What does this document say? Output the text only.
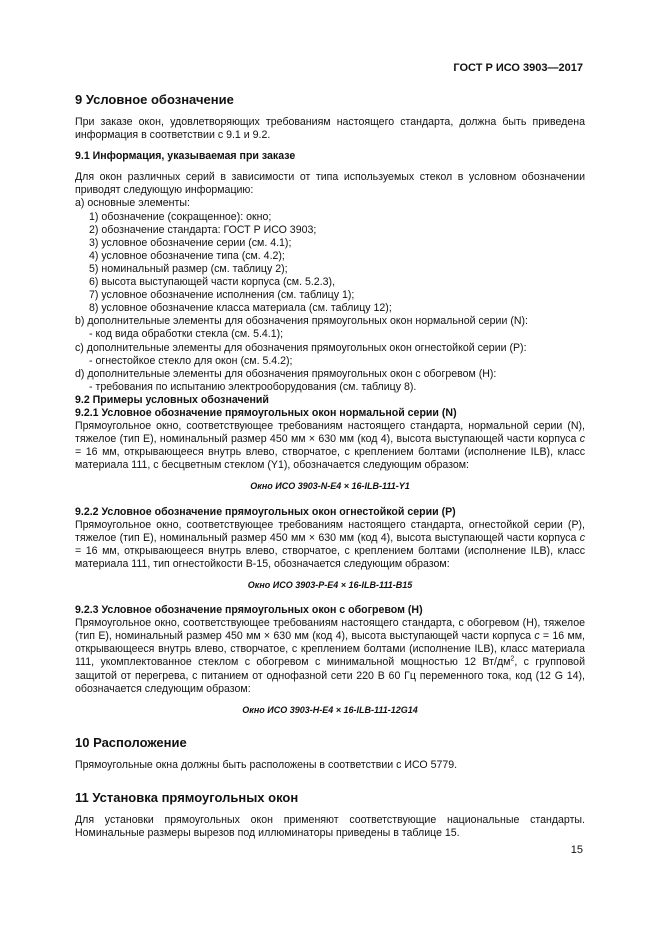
ГОСТ Р ИСО 3903—2017
9 Условное обозначение

При заказе окон, удовлетворяющих требованиям настоящего стандарта, должна быть приведена информация в соответствии с 9.1 и 9.2.

9.1 Информация, указываемая при заказе

Для окон различных серий в зависимости от типа используемых стекол в условном обозначении приводят следующую информацию:

a) основные элементы:
1) обозначение (сокращенное): окно;
2) обозначение стандарта: ГОСТ Р ИСО 3903;
3) условное обозначение серии (см. 4.1);
4) условное обозначение типа (см. 4.2);
5) номинальный размер (см. таблицу 2);
6) высота выступающей части корпуса (см. 5.2.3),
7) условное обозначение исполнения (см. таблицу 1);
8) условное обозначение класса материала (см. таблицу 12);
b) дополнительные элементы для обозначения прямоугольных окон нормальной серии (N):
- код вида обработки стекла (см. 5.4.1);
c) дополнительные элементы для обозначения прямоугольных окон огнестойкой серии (P):
- огнестойкое стекло для окон (см. 5.4.2);
d) дополнительные элементы для обозначения прямоугольных окон с обогревом (H):
- требования по испытанию электрооборудования (см. таблицу 8).
9.2 Примеры условных обозначений
9.2.1 Условное обозначение прямоугольных окон нормальной серии (N)

Прямоугольное окно, соответствующее требованиям настоящего стандарта, нормальной серии (N), тяжелое (тип Е), номинальный размер 450 мм × 630 мм (код 4), высота выступающей части корпуса c = 16 мм, открывающееся внутрь влево, створчатое, с креплением болтами (исполнение ILB), класс материала 111, с бесцветным стеклом (Y1), обозначается следующим образом:

Окно ИСО 3903-N-E4 × 16-ILB-111-Y1
9.2.2 Условное обозначение прямоугольных окон огнестойкой серии (P)

Прямоугольное окно, соответствующее требованиям настоящего стандарта, огнестойкой серии (P), тяжелое (тип E), номинальный размер 450 мм × 630 мм (код 4), высота выступающей части корпуса c = 16 мм, открывающееся внутрь влево, створчатое, с креплением болтами (исполнение ILB), класс материала 111, тип огнестойкости B-15, обозначается следующим образом:

Окно ИСО 3903-P-E4 × 16-ILB-111-B15
9.2.3 Условное обозначение прямоугольных окон с обогревом (H)

Прямоугольное окно, соответствующее требованиям настоящего стандарта, с обогревом (H), тяжелое (тип E), номинальный размер 450 мм × 630 мм (код 4), высота выступающей части корпуса c = 16 мм, открывающееся внутрь влево, створчатое, с креплением болтами (исполнение ILB), класс материала 111, укомплектованное стеклом с обогревом с минимальной мощностью 12 $Вт/дм^2$, с групповой защитой от перегрева, с питанием от однофазной сети 220 В 60 Гц переменного тока, код (12 G 14), обозначается следующим образом:

Окно ИСО 3903-H-E4 × 16-ILB-111-12G14
10 Расположение

Прямоугольные окна должны быть расположены в соответствии с ИСО 5779.

11 Установка прямоугольных окон

Для установки прямоугольных окон применяют соответствующие национальные стандарты. Номинальные размеры вырезов под иллюминаторы приведены в таблице 15.

15
